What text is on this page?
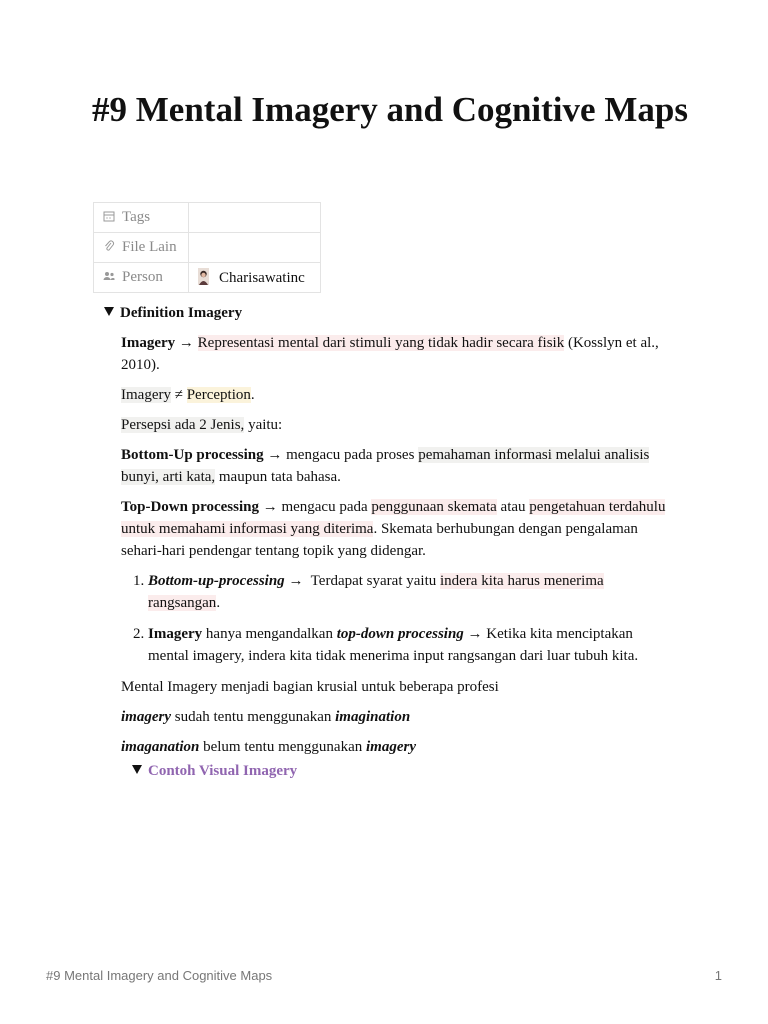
#9 Mental Imagery and Cognitive Maps
Tags	
File Lain	
Person	Charisawatinc
Definition Imagery

Imagery → Representasi mental dari stimuli yang tidak hadir secara fisik (Kosslyn et al., 2010).

Imagery ≠ Perception.

Persepsi ada 2 Jenis, yaitu:

Bottom-Up processing → mengacu pada proses pemahaman informasi melalui analisis bunyi, arti kata, maupun tata bahasa.

Top-Down processing → mengacu pada penggunaan skemata atau pengetahuan terdahulu untuk memahami informasi yang diterima. Skemata berhubungan dengan pengalaman sehari-hari pendengar tentang topik yang didengar.

1. Bottom-up-processing → Terdapat syarat yaitu indera kita harus menerima rangsangan.
2. Imagery hanya mengandalkan top-down processing → Ketika kita menciptakan mental imagery, indera kita tidak menerima input rangsangan dari luar tubuh kita.

Mental Imagery menjadi bagian krusial untuk beberapa profesi

imagery sudah tentu menggunakan imagination

imaganation belum tentu menggunakan imagery

Contoh Visual Imagery
#9 Mental Imagery and Cognitive Maps	1
